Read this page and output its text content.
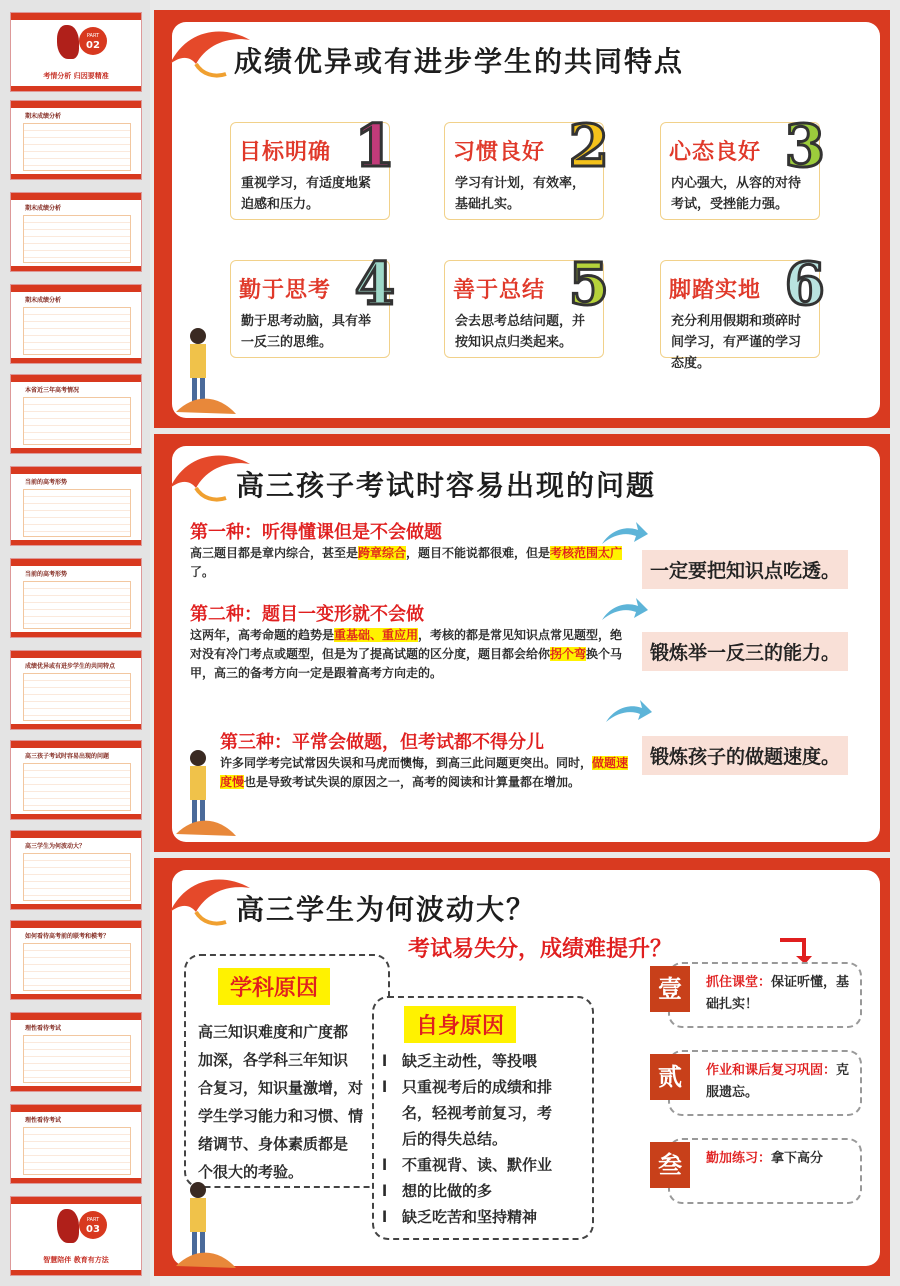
PART
02
考情分析 归因要精准
期末成绩分析
期末成绩分析
期末成绩分析
本省近三年高考情况
当前的高考形势
当前的高考形势
成绩优异或有进步学生的共同特点
高三孩子考试时容易出现的问题
高三学生为何波动大？
如何看待高考前的联考和模考？
理性看待考试
理性看待考试
PART
03
智慧陪伴 教育有方法
成绩优异或有进步学生的共同特点
目标明确 1
重视学习，有适度地紧迫感和压力。
习惯良好 2
学习有计划，有效率，基础扎实。
心态良好 3
内心强大，从容的对待考试，受挫能力强。
勤于思考 4
勤于思考动脑，具有举一反三的思维。
善于总结 5
会去思考总结问题，并按知识点归类起来。
脚踏实地 6
充分利用假期和琐碎时间学习，有严谨的学习态度。
高三孩子考试时容易出现的问题
第一种：听得懂课但是不会做题
高三题目都是章内综合，甚至是跨章综合，题目不能说都很难，但是考核范围太广了。
第二种：题目一变形就不会做
这两年，高考命题的趋势是重基础、重应用，考核的都是常见知识点常见题型，绝对没有冷门考点或题型，但是为了提高试题的区分度，题目都会给你拐个弯换个马甲，高三的备考方向一定是跟着高考方向走的。
第三种：平常会做题，但考试都不得分儿
许多同学考完试常因失误和马虎而懊悔，到高三此问题更突出。同时，做题速度慢也是导致考试失误的原因之一，高考的阅读和计算量都在增加。
一定要把知识点吃透。
锻炼举一反三的能力。
锻炼孩子的做题速度。
高三学生为何波动大？
考试易失分，成绩难提升？
学科原因
高三知识难度和广度都
加深，各学科三年知识
合复习，知识量激增，对
学生学习能力和习惯、情
绪调节、身体素质都是
个很大的考验。
自身原因
l 缺乏主动性，等投喂
l 只重视考后的成绩和排
名，轻视考前复习，考
后的得失总结。
l 不重视背、读、默作业
l 想的比做的多
l 缺乏吃苦和坚持精神
壹	抓住课堂：保证听懂，基础扎实！
贰	作业和课后复习巩固：克服遗忘。
叁	勤加练习：拿下高分
